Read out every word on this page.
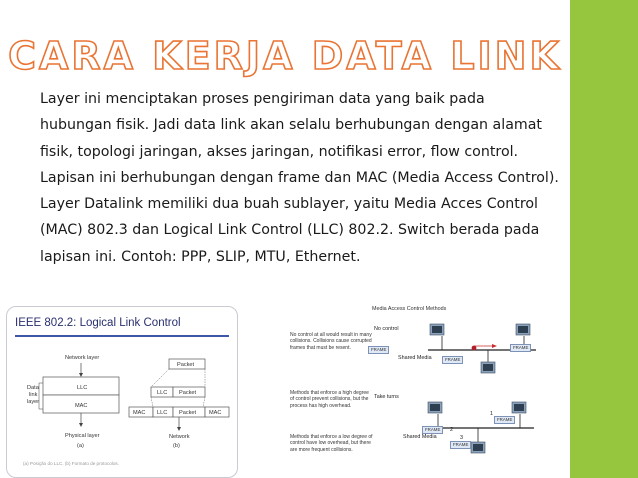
CARA KERJA DATA LINK
Layer ini menciptakan proses pengiriman data yang baik pada hubungan fisik. Jadi data link akan selalu berhubungan dengan alamat fisik, topologi jaringan, akses jaringan, notifikasi error, flow control. Lapisan ini berhubungan dengan frame dan MAC (Media Access Control). Layer Datalink memiliki dua buah sublayer, yaitu Media Acces Control (MAC) 802.3 dan Logical Link Control (LLC) 802.2. Switch berada pada lapisan ini. Contoh: PPP, SLIP, MTU, Ethernet.
IEEE 802.2: Logical Link Control
Network layer
LLC
MAC
Physical layer
(a)
Data
link
layer
Packet
LLC Packet
MAC LLC Packet MAC
Network
(b)
(a) Posição do LLC. (b) Formato de protocolos.
Media Access Control Methods
No control at all would result in many collisions. Collisions cause corrupted frames that must be resent.
No control
FRAME	FRAME
FRAME
Shared Media
Methods that enforce a high degree of control prevent collisions, but the process has high overhead.
Methods that enforce a low degree of control have low overhead, but there are more frequent collisions.
Take turns
FRAME
FRAME
FRAME
Shared Media
1
2
3
